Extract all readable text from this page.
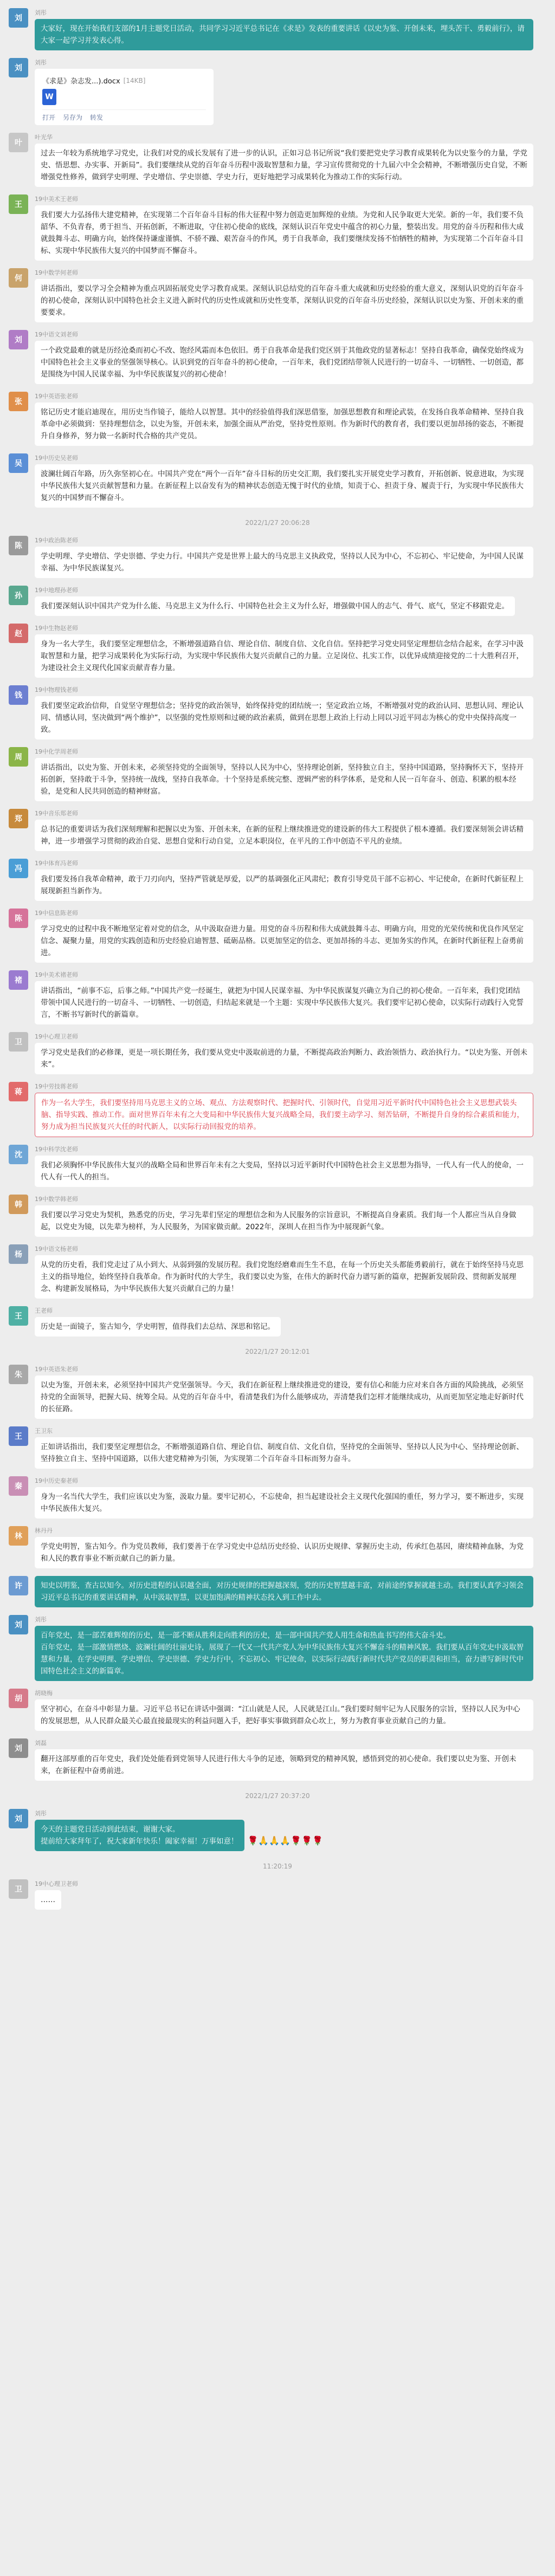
刘
刘彤
大家好，现在开始我们支部的1月主题党日活动，共同学习习近平总书记在《求是》发表的重要讲话《以史为鉴、开创未来，埋头苦干、勇毅前行》，请大家一起学习并发表心得。
刘
刘彤
《求是》杂志发...).docx [14KB]
W
打开 另存为 转发
叶
叶光华
过去一年较为系统地学习党史，让我们对党的成长发展有了进一步的认识，正如习总书记所说“我们要把党史学习教育成果转化为以史鉴今的力量，学党史、悟思想、办实事、开新局”。我们要继续从党的百年奋斗历程中汲取智慧和力量，学习宣传贯彻党的十九届六中全会精神，不断增强历史自觉，不断增强党性修养，做到学史明理、学史增信、学史崇德、学史力行，更好地把学习成果转化为推动工作的实际行动。
王
19中美术王老师
我们要大力弘扬伟大建党精神，在实现第二个百年奋斗目标的伟大征程中努力创造更加辉煌的业绩。为党和人民争取更大光荣。新的一年，我们要不负韶华、不负青春，勇于担当、开拓创新，不断进取，守住初心使命的底线，深刻认识百年党史中蕴含的初心力量，整装出发。用党的奋斗历程和伟大成就鼓舞斗志、明确方向，始终保持谦虚谨慎、不骄不躁、艰苦奋斗的作风，勇于自我革命，我们要继续发扬不怕牺牲的精神，为实现第二个百年奋斗目标、实现中华民族伟大复兴的中国梦而不懈奋斗。
何
19中数学何老师
讲话指出，要以学习全会精神为重点巩固拓展党史学习教育成果。深刻认识总结党的百年奋斗重大成就和历史经验的重大意义，深刻认识党的百年奋斗的初心使命，深刻认识中国特色社会主义进入新时代的历史性成就和历史性变革，深刻认识党的百年奋斗历史经验，深刻认识以史为鉴、开创未来的重要要求。
刘
19中语文刘老师
一个政党最难的就是历经沧桑而初心不改、饱经风霜而本色依旧。勇于自我革命是我们党区别于其他政党的显著标志！坚持自我革命，确保党始终成为中国特色社会主义事业的坚强领导核心。认识到党的百年奋斗的初心使命，一百年来，我们党团结带领人民进行的一切奋斗、一切牺牲、一切创造，都是围绕为中国人民谋幸福、为中华民族谋复兴的初心使命！
张
19中英语张老师
铭记历史才能启迪现在，用历史当作镜子，能给人以智慧。其中的经验值得我们深思借鉴，加强思想教育和理论武装，在发扬自我革命精神、坚持自我革命中必须做到：坚持理想信念，以史为鉴，开创未来，加强全面从严治党，坚持党性原则。作为新时代的教育者，我们要以更加昂扬的姿态，不断提升自身修养，努力做一名新时代合格的共产党员。
吴
19中历史吴老师
波澜壮阔百年路，历久弥坚初心在。中国共产党在“两个一百年”奋斗目标的历史交汇期，我们要扎实开展党史学习教育，开拓创新、锐意进取，为实现中华民族伟大复兴贡献智慧和力量。在新征程上以奋发有为的精神状态创造无愧于时代的业绩，知责于心、担责于身、履责于行，为实现中华民族伟大复兴的中国梦而不懈奋斗。
2022/1/27 20:06:28
陈
19中政治陈老师
学史明理、学史增信、学史崇德、学史力行。中国共产党是世界上最大的马克思主义执政党，坚持以人民为中心，不忘初心、牢记使命，为中国人民谋幸福、为中华民族谋复兴。
孙
19中地理孙老师
我们要深刻认识中国共产党为什么能、马克思主义为什么行、中国特色社会主义为什么好，增强做中国人的志气、骨气、底气，坚定不移跟党走。
赵
19中生物赵老师
身为一名大学生，我们要坚定理想信念，不断增强道路自信、理论自信、制度自信、文化自信。坚持把学习党史同坚定理想信念结合起来，在学习中汲取智慧和力量，把学习成果转化为实际行动，为实现中华民族伟大复兴贡献自己的力量。立足岗位、扎实工作，以优异成绩迎接党的二十大胜利召开，为建设社会主义现代化国家贡献青春力量。
钱
19中物理钱老师
我们要坚定政治信仰，自觉坚守理想信念；坚持党的政治领导，始终保持党的团结统一；坚定政治立场，不断增强对党的政治认同、思想认同、理论认同、情感认同，坚决做到“两个维护”，以坚强的党性原则和过硬的政治素质，做到在思想上政治上行动上同以习近平同志为核心的党中央保持高度一致。
周
19中化学周老师
讲话指出，以史为鉴、开创未来，必须坚持党的全面领导，坚持以人民为中心，坚持理论创新，坚持独立自主，坚持中国道路，坚持胸怀天下，坚持开拓创新，坚持敢于斗争，坚持统一战线，坚持自我革命。十个坚持是系统完整、逻辑严密的科学体系，是党和人民一百年奋斗、创造、积累的根本经验，是党和人民共同创造的精神财富。
郑
19中音乐郑老师
总书记的重要讲话为我们深刻理解和把握以史为鉴、开创未来，在新的征程上继续推进党的建设新的伟大工程提供了根本遵循。我们要深刻领会讲话精神，进一步增强学习贯彻的政治自觉、思想自觉和行动自觉，立足本职岗位，在平凡的工作中创造不平凡的业绩。
冯
19中体育冯老师
我们要发扬自我革命精神，敢于刀刃向内，坚持严管就是厚爱，以严的基调强化正风肃纪；教育引导党员干部不忘初心、牢记使命，在新时代新征程上展现新担当新作为。
陈
19中信息陈老师
学习党史的过程中我不断地坚定着对党的信念，从中汲取奋进力量。用党的奋斗历程和伟大成就鼓舞斗志、明确方向，用党的光荣传统和优良作风坚定信念、凝聚力量，用党的实践创造和历史经验启迪智慧、砥砺品格。以更加坚定的信念、更加昂扬的斗志、更加务实的作风，在新时代新征程上奋勇前进。
褚
19中美术褚老师
讲话指出，“前事不忘，后事之师。”中国共产党一经诞生，就把为中国人民谋幸福、为中华民族谋复兴确立为自己的初心使命。一百年来，我们党团结带领中国人民进行的一切奋斗、一切牺牲、一切创造，归结起来就是一个主题：实现中华民族伟大复兴。我们要牢记初心使命，以实际行动践行入党誓言，不断书写新时代的新篇章。
卫
19中心理卫老师
学习党史是我们的必修课，更是一项长期任务，我们要从党史中汲取前进的力量，不断提高政治判断力、政治领悟力、政治执行力。“以史为鉴、开创未来”。
蒋
19中劳技蒋老师
作为一名大学生，我们要坚持用马克思主义的立场、观点、方法观察时代、把握时代、引领时代，自觉用习近平新时代中国特色社会主义思想武装头脑、指导实践、推动工作。面对世界百年未有之大变局和中华民族伟大复兴战略全局，我们要主动学习、刻苦钻研，不断提升自身的综合素质和能力，努力成为担当民族复兴大任的时代新人，以实际行动回报党的培养。
沈
19中科学沈老师
我们必须胸怀中华民族伟大复兴的战略全局和世界百年未有之大变局，坚持以习近平新时代中国特色社会主义思想为指导，一代人有一代人的使命，一代人有一代人的担当。
韩
19中数学韩老师
我们要以学习党史为契机，熟悉党的历史，学习先辈们坚定的理想信念和为人民服务的宗旨意识，不断提高自身素质。我们每一个人都应当从自身做起，以党史为镜，以先辈为榜样，为人民服务，为国家做贡献。2022年，深圳人在担当作为中展现新气象。
杨
19中语文杨老师
从党的历史看，我们党走过了从小到大、从弱到强的发展历程。我们党饱经磨难而生生不息，在每一个历史关头都能勇毅前行，就在于始终坚持马克思主义的指导地位，始终坚持自我革命。作为新时代的大学生，我们要以史为鉴，在伟大的新时代奋力谱写新的篇章，把握新发展阶段、贯彻新发展理念、构建新发展格局，为中华民族伟大复兴贡献自己的力量！
王
王老师
历史是一面镜子，鉴古知今，学史明智，值得我们去总结、深思和铭记。
2022/1/27 20:12:01
朱
19中英语朱老师
以史为鉴，开创未来，必须坚持中国共产党坚强领导。今天，我们在新征程上继续推进党的建设，要有信心和能力应对来自各方面的风险挑战，必须坚持党的全面领导，把握大局、统筹全局。从党的百年奋斗中，看清楚我们为什么能够成功，弄清楚我们怎样才能继续成功，从而更加坚定地走好新时代的长征路。
王
王卫东
正如讲话指出，我们要坚定理想信念，不断增强道路自信、理论自信、制度自信、文化自信，坚持党的全面领导、坚持以人民为中心、坚持理论创新、坚持独立自主、坚持中国道路，以伟大建党精神为引领，为实现第二个百年奋斗目标而努力奋斗。
秦
19中历史秦老师
身为一名当代大学生，我们应该以史为鉴，汲取力量。要牢记初心，不忘使命，担当起建设社会主义现代化强国的重任，努力学习，要不断进步，实现中华民族伟大复兴。
林
林丹丹
学党史明智，鉴古知今。作为党员教师，我们要善于在学习党史中总结历史经验、认识历史规律、掌握历史主动，传承红色基因，赓续精神血脉，为党和人民的教育事业不断贡献自己的新力量。
许	知史以明鉴，查古以知今。对历史进程的认识越全面，对历史规律的把握越深刻，党的历史智慧越丰富，对前途的掌握就越主动。我们要认真学习领会习近平总书记的重要讲话精神，从中汲取智慧，以更加饱满的精神状态投入到工作中去。
刘
刘彤
百年党史，是一部苦难辉煌的历史，是一部不断从胜利走向胜利的历史，是一部中国共产党人用生命和热血书写的伟大奋斗史。
百年党史，是一部激情燃烧、波澜壮阔的壮丽史诗，展现了一代又一代共产党人为中华民族伟大复兴不懈奋斗的精神风貌。我们要从百年党史中汲取智慧和力量，在学史明理、学史增信、学史崇德、学史力行中，不忘初心、牢记使命，以实际行动践行新时代共产党员的职责和担当，奋力谱写新时代中国特色社会主义的新篇章。
胡
胡晓梅
坚守初心，在奋斗中彰显力量。习近平总书记在讲话中强调：“江山就是人民，人民就是江山。”我们要时刻牢记为人民服务的宗旨，坚持以人民为中心的发展思想，从人民群众最关心最直接最现实的利益问题入手，把好事实事做到群众心坎上，努力为教育事业贡献自己的力量。
刘
刘磊
翻开这部厚重的百年党史，我们处处能看到党领导人民进行伟大斗争的足迹，领略到党的精神风貌，感悟到党的初心使命。我们要以史为鉴、开创未来，在新征程中奋勇前进。
2022/1/27 20:37:20
刘
刘彤
今天的主题党日活动到此结束，谢谢大家。
提前给大家拜年了，祝大家新年快乐！阖家幸福！万事如意！ 🌹🙏🙏🙏🌹🌹🌹
11:20:19
卫
19中心理卫老师
……
